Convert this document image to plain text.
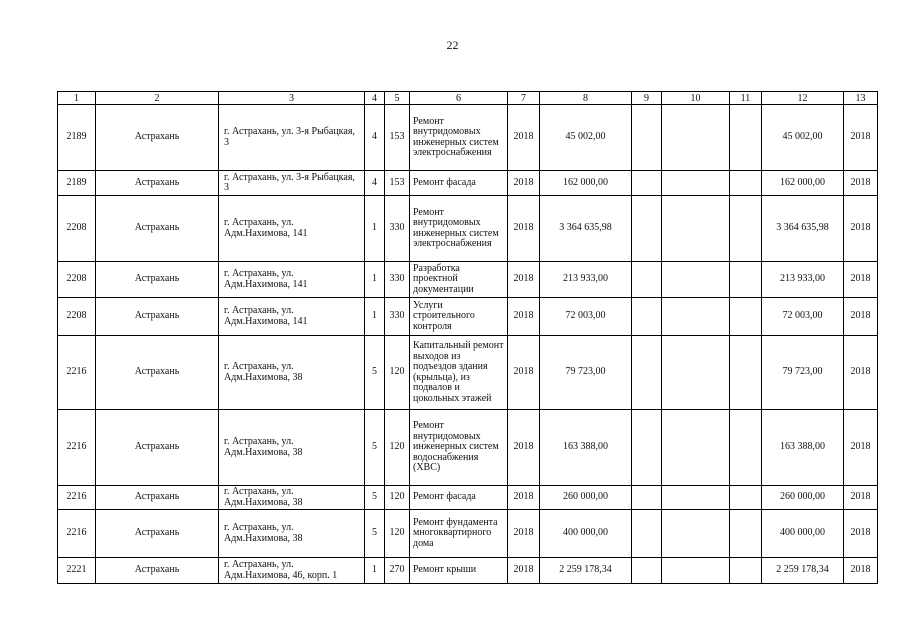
22
1	2	3	4	5	6	7	8	9	10	11	12	13
2189	Астрахань	г. Астрахань, ул. 3-я Рыбацкая, 3	4	153	Ремонт внутридомовых инженерных систем электроснабжения	2018	45 002,00				45 002,00	2018
2189	Астрахань	г. Астрахань, ул. 3-я Рыбацкая, 3	4	153	Ремонт фасада	2018	162 000,00				162 000,00	2018
2208	Астрахань	г. Астрахань, ул. Адм.Нахимова, 141	1	330	Ремонт внутридомовых инженерных систем электроснабжения	2018	3 364 635,98				3 364 635,98	2018
2208	Астрахань	г. Астрахань, ул. Адм.Нахимова, 141	1	330	Разработка проектной документации	2018	213 933,00				213 933,00	2018
2208	Астрахань	г. Астрахань, ул. Адм.Нахимова, 141	1	330	Услуги строительного контроля	2018	72 003,00				72 003,00	2018
2216	Астрахань	г. Астрахань, ул. Адм.Нахимова, 38	5	120	Капитальный ремонт выходов из подъездов здания (крыльца), из подвалов и цокольных этажей	2018	79 723,00				79 723,00	2018
2216	Астрахань	г. Астрахань, ул. Адм.Нахимова, 38	5	120	Ремонт внутридомовых инженерных систем водоснабжения (ХВС)	2018	163 388,00				163 388,00	2018
2216	Астрахань	г. Астрахань, ул. Адм.Нахимова, 38	5	120	Ремонт фасада	2018	260 000,00				260 000,00	2018
2216	Астрахань	г. Астрахань, ул. Адм.Нахимова, 38	5	120	Ремонт фундамента многоквартирного дома	2018	400 000,00				400 000,00	2018
2221	Астрахань	г. Астрахань, ул. Адм.Нахимова, 46, корп. 1	1	270	Ремонт крыши	2018	2 259 178,34				2 259 178,34	2018
